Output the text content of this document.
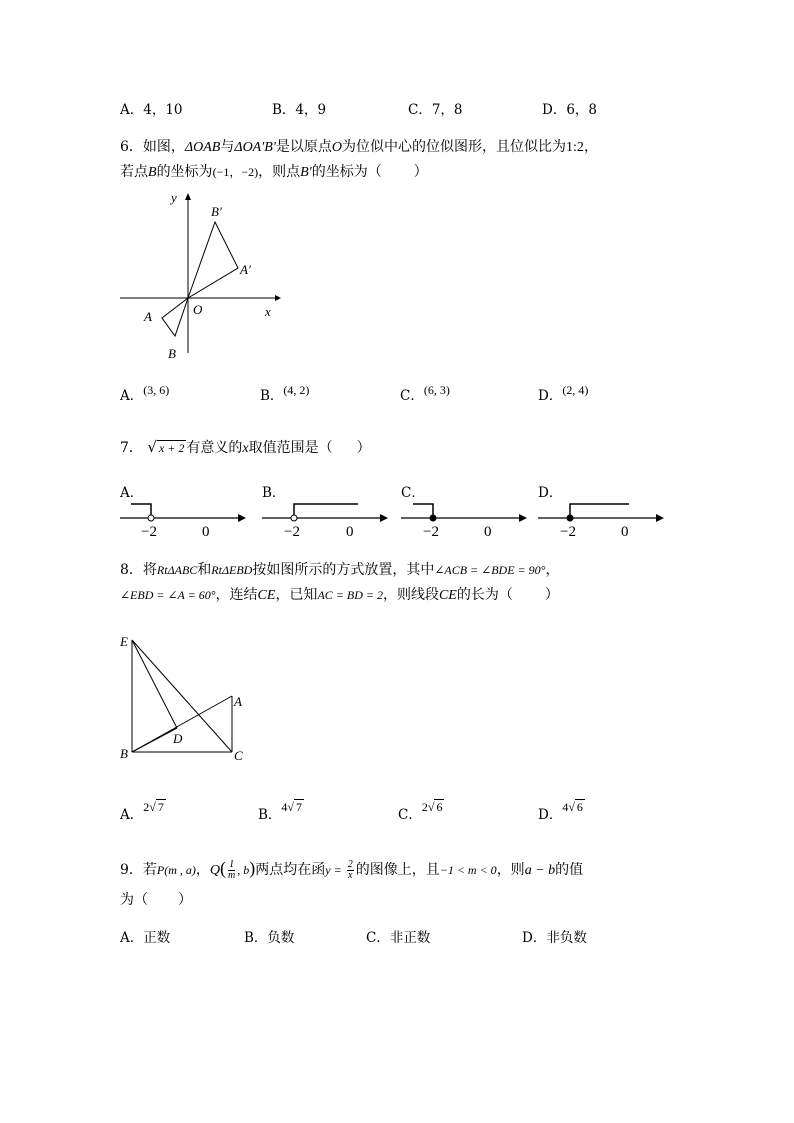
A．4，10	B．4，9	C．7，8	D．6，8
6．如图，ΔOAB与ΔOA′B′是以原点O为位似中心的位似图形，且位似比为1:2，
若点B的坐标为(−1，−2)，则点B′的坐标为（ ）
y
x
O
A
B
A′
B′
A．(3, 6)	B．(4, 2)	C．(6, 3)	D．(2, 4)
7． √ x + 2 有意义的x取值范围是（ ）
A．
−2	0
B．
−2	0
C．
−2	0
D．
−2	0
8．将RtΔABC和RtΔEBD按如图所示的方式放置，其中∠ACB = ∠BDE = 90°，
∠EBD = ∠A = 60°，连结CE，已知AC = BD = 2，则线段CE的长为（ ）
E
A
D
B	C
A．2√ 7	B．4√ 7	C．2√ 6	D．4√ 6
9．若P(m , a)，$Q( \frac{1}{m}$ , b)两点均在函$y = \frac{2}{x}$ 的图像上，且−1 < m < 0，则a − b的值
为（ ）
A．正数	B．负数	C．非正数	D．非负数
